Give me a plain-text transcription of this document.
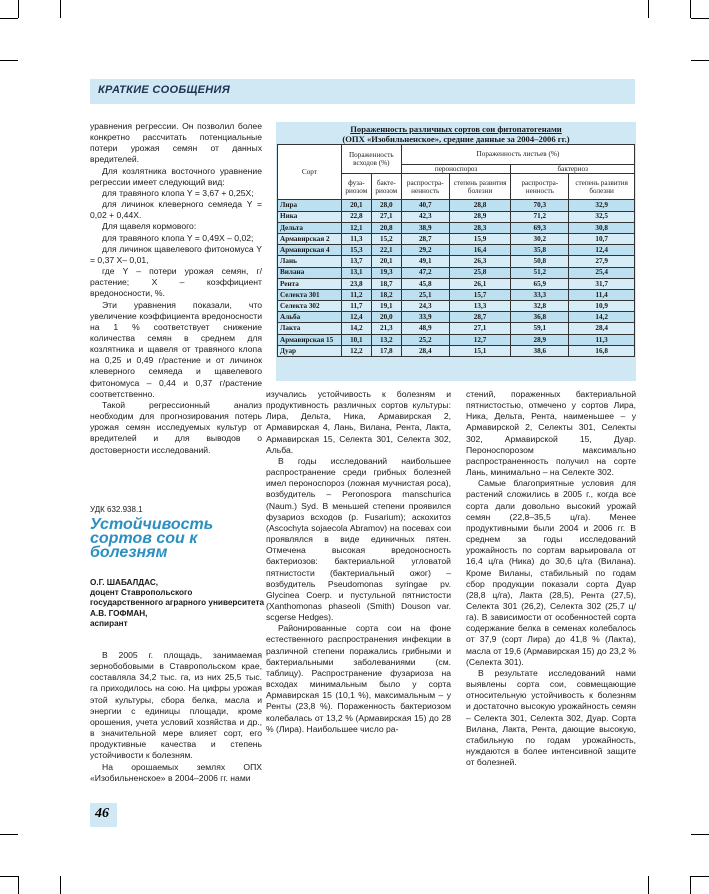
КРАТКИЕ СООБЩЕНИЯ

уравнения регрессии. Он позволил более конкретно рассчитать потенциальные потери урожая семян от данных вредителей.

Для козлятника восточного уравнение регрессии имеет следующий вид:

для травяного клопа Y = 3,67 + 0,25X;

для личинок клеверного семяеда Y = 0,02 + 0,44X.

Для щавеля кормового:

для травяного клопа Y = 0,49X – 0,02;

для личинок щавелевого фитономуса Y = 0,37 X– 0,01,

где Y – потери урожая семян, г/растение; X – коэффициент вредоносности, %.

Эти уравнения показали, что увеличение коэффициента вредоносности на 1 % соответствует снижение количества семян в среднем для козлятника и щавеля от травяного клопа на 0,25 и 0,49 г/растение и от личинок клеверного семяеда и щавелевого фитономуса – 0,44 и 0,37 г/растение соответственно.

Такой регрессионный анализ необходим для прогнозирования потерь урожая семян исследуемых культур от вредителей и для выводов о достоверности исследований.

УДК 632.938.1
Устойчивость сортов сои к болезням
О.Г. ШАБАЛДАС,
доцент Ставропольского государственного аграрного университета
А.В. ГОФМАН,
аспирант

В 2005 г. площадь, занимаемая зернобобовыми в Ставропольском крае, составляла 34,2 тыс. га, из них 25,5 тыс. га приходилось на сою. На цифры урожая этой культуры, сбора белка, масла и энергии с единицы площади, кроме орошения, учета условий хозяйства и др., в значительной мере влияет сорт, его продуктивные качества и степень устойчивости к болезням.

На орошаемых землях ОПХ «Изобильненское» в 2004–2006 гг. нами

Пораженность различных сортов сои фитопатогенами
(ОПХ «Изобильненское», средние данные за 2004–2006 гг.)
Сорт	Пораженность всходов (%)		Пораженность листьев (%)			
			пероноспороз		бактериоз	
	фуза-риозом	бакте-риозом	распростра-ненность	степень развития болезни	распростра-ненность	степень развития болезни
Лира	20,1	28,0	40,7	28,8	70,3	32,9
Ника	22,8	27,1	42,3	28,9	71,2	32,5
Дельта	12,1	20,8	38,9	28,3	69,3	30,8
Армавирская 2	11,3	15,2	28,7	15,9	30,2	10,7
Армавирская 4	15,3	22,1	29,2	16,4	35,8	12,4
Лань	13,7	20,1	49,1	26,3	50,8	27,9
Вилана	13,1	19,3	47,2	25,8	51,2	25,4
Рента	23,8	18,7	45,8	26,1	65,9	31,7
Селекта 301	11,2	18,2	25,1	15,7	33,3	11,4
Селекта 302	11,7	19,1	24,3	13,3	32,8	10,9
Альба	12,4	20,0	33,9	28,7	36,8	14,2
Лакта	14,2	21,3	48,9	27,1	59,1	28,4
Армавирская 15	10,1	13,2	25,2	12,7	28,9	11,3
Дуар	12,2	17,8	28,4	15,1	38,6	16,8

изучались устойчивость к болезням и продуктивность различных сортов культуры: Лира, Дельта, Ника, Армавирская 2, Армавирская 4, Лань, Вилана, Рента, Лакта, Армавирская 15, Селекта 301, Селекта 302, Альба.

В годы исследований наибольшее распространение среди грибных болезней имел пероноспороз (ложная мучнистая роса), возбудитель – Peronospora manschurica (Naum.) Syd. В меньшей степени проявился фузариоз всходов (р. Fusarium); аскохитоз (Ascochyta sojaecola Abramov) на посевах сои проявлялся в виде единичных пятен. Отмечена высокая вредоносность бактериозов: бактериальной угловатой пятнистости (бактериальный ожог) – возбудитель Pseudomonas syringae pv. Glycinea Coerp. и пустульной пятнистости (Xanthomonas phaseoli (Smith) Douson var. scgerse Hedges).

Районированные сорта сои на фоне естественного распространения инфекции в различной степени поражались грибными и бактериальными заболеваниями (см. таблицу). Распространение фузариоза на всходах минимальным было у сорта Армавирская 15 (10,1 %), максимальным – у Ренты (23,8 %). Пораженность бактериозом колебалась от 13,2 % (Армавирская 15) до 28 % (Лира). Наибольшее число ра-

стений, пораженных бактериальной пятнистостью, отмечено у сортов Лира, Ника, Дельта, Рента, наименьшее – у Армавирской 2, Селекты 301, Селекты 302, Армавирской 15, Дуар. Пероноспорозом максимально распространенность получил на сорте Лань, минимально – на Селекте 302.

Самые благоприятные условия для растений сложились в 2005 г., когда все сорта дали довольно высокий урожай семян (22,8–35,5 ц/га). Менее продуктивными были 2004 и 2006 гг. В среднем за годы исследований урожайность по сортам варьировала от 16,4 ц/га (Ника) до 30,6 ц/га (Вилана). Кроме Виланы, стабильный по годам сбор продукции показали сорта Дуар (28,8 ц/га), Лакта (28,5), Рента (27,5), Селекта 301 (26,2), Селекта 302 (25,7 ц/га). В зависимости от особенностей сорта содержание белка в семенах колебалось от 37,9 (сорт Лира) до 41,8 % (Лакта), масла от 19,6 (Армавирская 15) до 23,2 % (Селекта 301).

В результате исследований нами выявлены сорта сои, совмещающие относительную устойчивость к болезням и достаточно высокую урожайность семян – Селекта 301, Селекта 302, Дуар. Сорта Вилана, Лакта, Рента, дающие высокую, стабильную по годам урожайность, нуждаются в более интенсивной защите от болезней.

46
